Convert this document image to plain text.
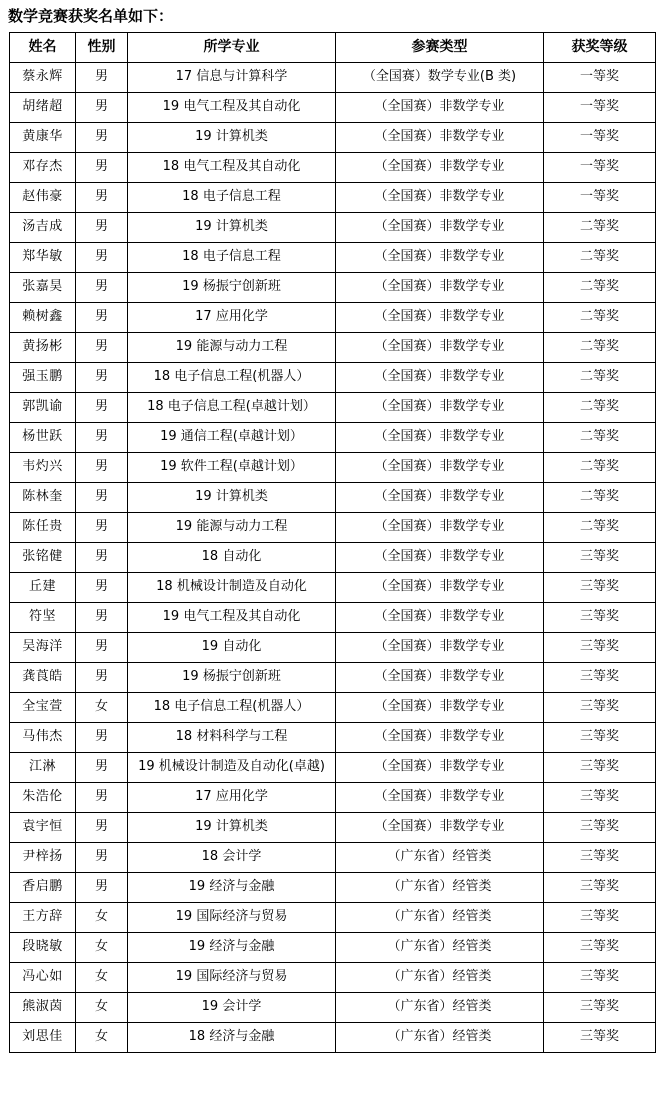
数学竞赛获奖名单如下：
姓名	性别	所学专业	参赛类型	获奖等级
蔡永辉	男	17 信息与计算科学	（全国赛）数学专业(B 类)	一等奖
胡绪超	男	19 电气工程及其自动化	（全国赛）非数学专业	一等奖
黄康华	男	19 计算机类	（全国赛）非数学专业	一等奖
邓存杰	男	18 电气工程及其自动化	（全国赛）非数学专业	一等奖
赵伟豪	男	18 电子信息工程	（全国赛）非数学专业	一等奖
汤吉成	男	19 计算机类	（全国赛）非数学专业	二等奖
郑华敏	男	18 电子信息工程	（全国赛）非数学专业	二等奖
张嘉昊	男	19 杨振宁创新班	（全国赛）非数学专业	二等奖
赖树鑫	男	17 应用化学	（全国赛）非数学专业	二等奖
黄扬彬	男	19 能源与动力工程	（全国赛）非数学专业	二等奖
强玉鹏	男	18 电子信息工程(机器人）	（全国赛）非数学专业	二等奖
郭凯谕	男	18 电子信息工程(卓越计划）	（全国赛）非数学专业	二等奖
杨世跃	男	19 通信工程(卓越计划）	（全国赛）非数学专业	二等奖
韦灼兴	男	19 软件工程(卓越计划）	（全国赛）非数学专业	二等奖
陈林奎	男	19 计算机类	（全国赛）非数学专业	二等奖
陈任贵	男	19 能源与动力工程	（全国赛）非数学专业	二等奖
张铭健	男	18 自动化	（全国赛）非数学专业	三等奖
丘建	男	18 机械设计制造及自动化	（全国赛）非数学专业	三等奖
符坚	男	19 电气工程及其自动化	（全国赛）非数学专业	三等奖
吴海洋	男	19 自动化	（全国赛）非数学专业	三等奖
龚莨皓	男	19 杨振宁创新班	（全国赛）非数学专业	三等奖
全宝萱	女	18 电子信息工程(机器人）	（全国赛）非数学专业	三等奖
马伟杰	男	18 材料科学与工程	（全国赛）非数学专业	三等奖
江淋	男	19 机械设计制造及自动化(卓越)	（全国赛）非数学专业	三等奖
朱浩伦	男	17 应用化学	（全国赛）非数学专业	三等奖
袁宇恒	男	19 计算机类	（全国赛）非数学专业	三等奖
尹梓扬	男	18 会计学	（广东省）经管类	三等奖
香启鹏	男	19 经济与金融	（广东省）经管类	三等奖
王方辞	女	19 国际经济与贸易	（广东省）经管类	三等奖
段晓敏	女	19 经济与金融	（广东省）经管类	三等奖
冯心如	女	19 国际经济与贸易	（广东省）经管类	三等奖
熊淑茵	女	19 会计学	（广东省）经管类	三等奖
刘思佳	女	18 经济与金融	（广东省）经管类	三等奖
